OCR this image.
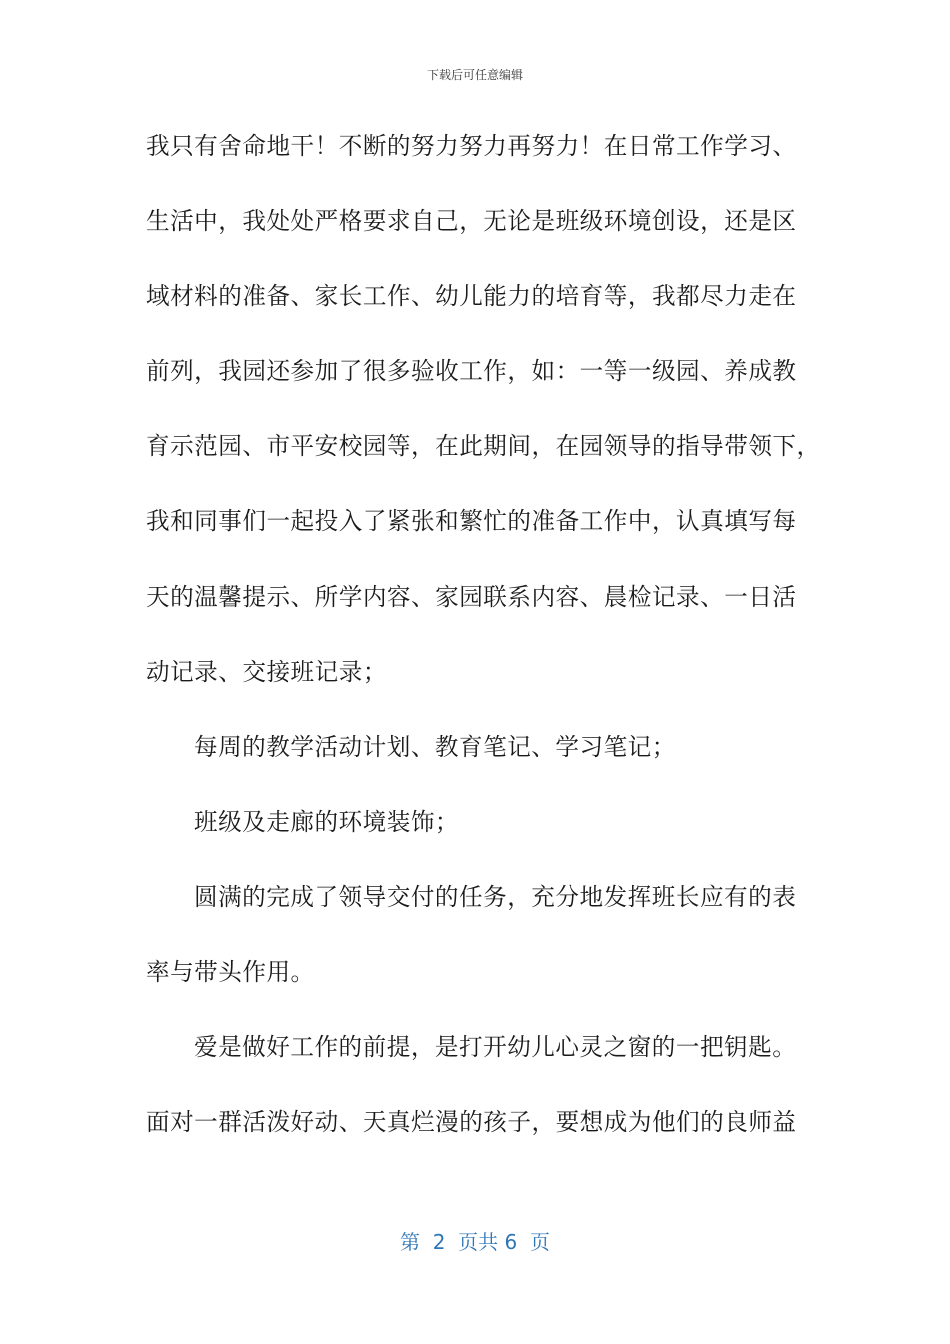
下载后可任意编辑
我只有舍命地干！不断的努力努力再努力！在日常工作学习、
生活中，我处处严格要求自己，无论是班级环境创设，还是区
域材料的准备、家长工作、幼儿能力的培育等，我都尽力走在
前列，我园还参加了很多验收工作，如：一等一级园、养成教
育示范园、市平安校园等，在此期间，在园领导的指导带领下，
我和同事们一起投入了紧张和繁忙的准备工作中，认真填写每
天的温馨提示、所学内容、家园联系内容、晨检记录、一日活
动记录、交接班记录；
每周的教学活动计划、教育笔记、学习笔记；
班级及走廊的环境装饰；
圆满的完成了领导交付的任务，充分地发挥班长应有的表
率与带头作用。
爱是做好工作的前提，是打开幼儿心灵之窗的一把钥匙。
面对一群活泼好动、天真烂漫的孩子，要想成为他们的良师益
第  2  页共 6  页
